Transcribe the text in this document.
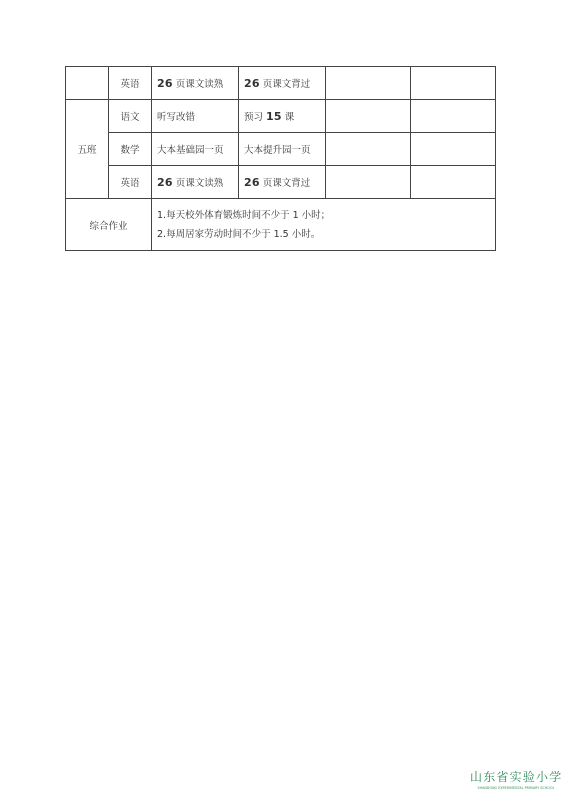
	英语	26 页课文读熟	26 页课文背过		
五班	语文	听写改错	预习 15 课		
	数学	大本基础园一页	大本提升园一页		
	英语	26 页课文读熟	26 页课文背过		
综合作业		1.每天校外体育锻炼时间不少于 1 小时；
2.每周居家劳动时间不少于 1.5 小时。			
山东省实验小学
SHANDONG EXPERIMENTAL PRIMARY SCHOOL
